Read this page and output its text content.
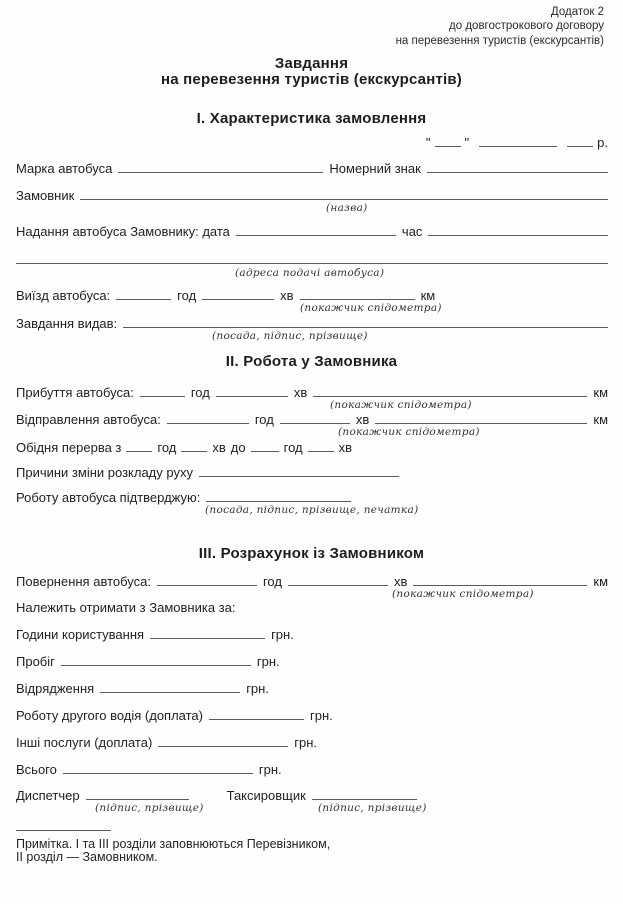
Додаток 2
до довгострокового договору
на перевезення туристів (екскурсантів)
Завдання
на перевезення туристів (екскурсантів)
І. Характеристика замовлення
"	"	р.
Марка автобуса	Номерний знак
Замовник
(назва)
Надання автобуса Замовнику: дата	час
(адреса подачі автобуса)
Виїзд автобуса:	год	хв	км
(покажчик спідометра)
Завдання видав:
(посада, підпис, прізвище)
ІІ. Робота у Замовника
Прибуття автобуса:	год	хв	км
(покажчик спідометра)
Відправлення автобуса:	год	хв	км
(покажчик спідометра)
Обідня перерва з	год	хв до	год	хв
Причини зміни розкладу руху
Роботу автобуса підтверджую:
(посада, підпис, прізвище, печатка)
ІІІ. Розрахунок із Замовником
Повернення автобуса:	год	хв	км
(покажчик спідометра)
Належить отримати з Замовника за:
Години користування	грн.
Пробіг	грн.
Відрядження	грн.
Роботу другого водія (доплата)	грн.
Інші послуги (доплата)	грн.
Всього	грн.
Диспетчер	Таксировщик
(підпис, прізвище)	(підпис, прізвище)
Примітка. І та ІІІ розділи заповнюються Перевізником,
ІІ розділ — Замовником.
